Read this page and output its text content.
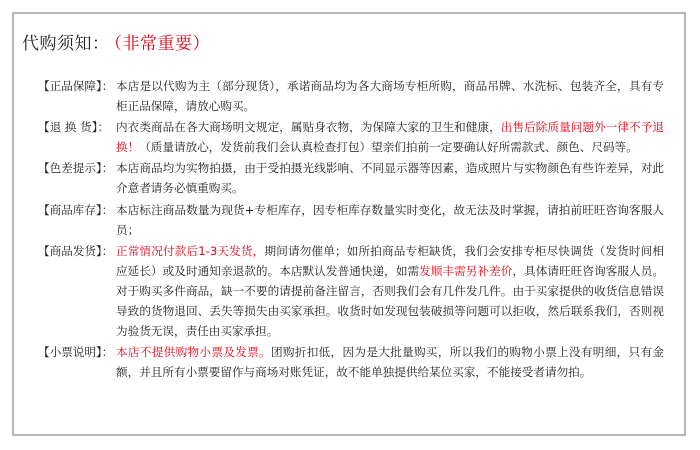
代购须知： （非常重要）
【正品保障】： 本店是以代购为主（部分现货），承诺商品均为各大商场专柜所购，商品吊牌、水洗标、包装齐全，具有专柜正品保障，请放心购买。
【退 换 货】： 内衣类商品在各大商场明文规定，属贴身衣物，为保障大家的卫生和健康，出售后除质量问题外一律不予退换！（质量请放心，发货前我们会认真检查打包）望亲们拍前一定要确认好所需款式、颜色、尺码等。
【色差提示】： 本店商品均为实物拍摄，由于受拍摄光线影响、不同显示器等因素，造成照片与实物颜色有些许差异，对此介意者请务必慎重购买。
【商品库存】： 本店标注商品数量为现货+专柜库存，因专柜库存数量实时变化，故无法及时掌握，请拍前旺旺咨询客服人员；
【商品发货】： 正常情况付款后1-3天发货，期间请勿催单；如所拍商品专柜缺货，我们会安排专柜尽快调货（发货时间相应延长）或及时通知亲退款的。本店默认发普通快递，如需发顺丰需另补差价，具体请旺旺咨询客服人员。对于购买多件商品，缺一不要的请提前备注留言，否则我们会有几件发几件。由于买家提供的收货信息错误导致的货物退回、丢失等损失由买家承担。收货时如发现包装破损等问题可以拒收，然后联系我们，否则视为验货无误，责任由买家承担。
【小票说明】： 本店不提供购物小票及发票。团购折扣低，因为是大批量购买，所以我们的购物小票上没有明细，只有金额，并且所有小票要留作与商场对账凭证，故不能单独提供给某位买家，不能接受者请勿拍。
